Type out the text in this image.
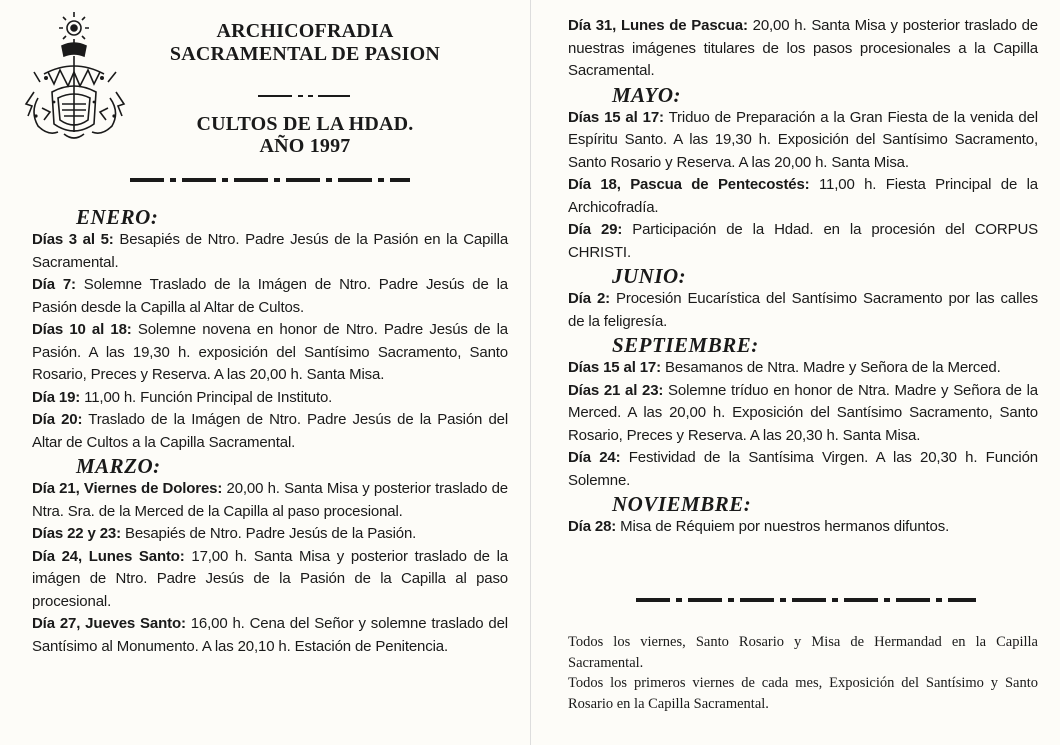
ARCHICOFRADIA
SACRAMENTAL DE PASION
CULTOS DE LA HDAD.
AÑO 1997
ENERO:
Días 3 al 5: Besapiés de Ntro. Padre Jesús de la Pasión en la Capilla Sacramental.
Día 7: Solemne Traslado de la Imágen de Ntro. Padre Jesús de la Pasión desde la Capilla al Altar de Cultos.
Días 10 al 18: Solemne novena en honor de Ntro. Padre Jesús de la Pasión. A las 19,30 h. exposición del Santísimo Sacramento, Santo Rosario, Preces y Reserva. A las 20,00 h. Santa Misa.
Día 19: 11,00 h. Función Principal de Instituto.
Día 20: Traslado de la Imágen de Ntro. Padre Jesús de la Pasión del Altar de Cultos a la Capilla Sacramental.
MARZO:
Día 21, Viernes de Dolores: 20,00 h. Santa Misa y posterior traslado de Ntra. Sra. de la Merced de la Capilla al paso procesional.
Días 22 y 23: Besapiés de Ntro. Padre Jesús de la Pasión.
Día 24, Lunes Santo: 17,00 h. Santa Misa y posterior traslado de la imágen de Ntro. Padre Jesús de la Pasión de la Capilla al paso procesional.
Día 27, Jueves Santo: 16,00 h. Cena del Señor y solemne traslado del Santísimo al Monumento. A las 20,10 h. Estación de Penitencia.
Día 31, Lunes de Pascua: 20,00 h. Santa Misa y posterior traslado de nuestras imágenes titulares de los pasos procesionales a la Capilla Sacramental.
MAYO:
Días 15 al 17: Triduo de Preparación a la Gran Fiesta de la venida del Espíritu Santo. A las 19,30 h. Exposición del Santísimo Sacramento, Santo Rosario y Reserva. A las 20,00 h. Santa Misa.
Día 18, Pascua de Pentecostés: 11,00 h. Fiesta Principal de la Archicofradía.
Día 29: Participación de la Hdad. en la procesión del CORPUS CHRISTI.
JUNIO:
Día 2: Procesión Eucarística del Santísimo Sacramento por las calles de la feligresía.
SEPTIEMBRE:
Días 15 al 17: Besamanos de Ntra. Madre y Señora de la Merced.
Días 21 al 23: Solemne tríduo en honor de Ntra. Madre y Señora de la Merced. A las 20,00 h. Exposición del Santísimo Sacramento, Santo Rosario, Preces y Reserva. A las 20,30 h. Santa Misa.
Día 24: Festividad de la Santísima Virgen. A las 20,30 h. Función Solemne.
NOVIEMBRE:
Día 28: Misa de Réquiem por nuestros hermanos difuntos.
Todos los viernes, Santo Rosario y Misa de Hermandad en la Capilla Sacramental.
Todos los primeros viernes de cada mes, Exposición del Santísimo y Santo Rosario en la Capilla Sacramental.
